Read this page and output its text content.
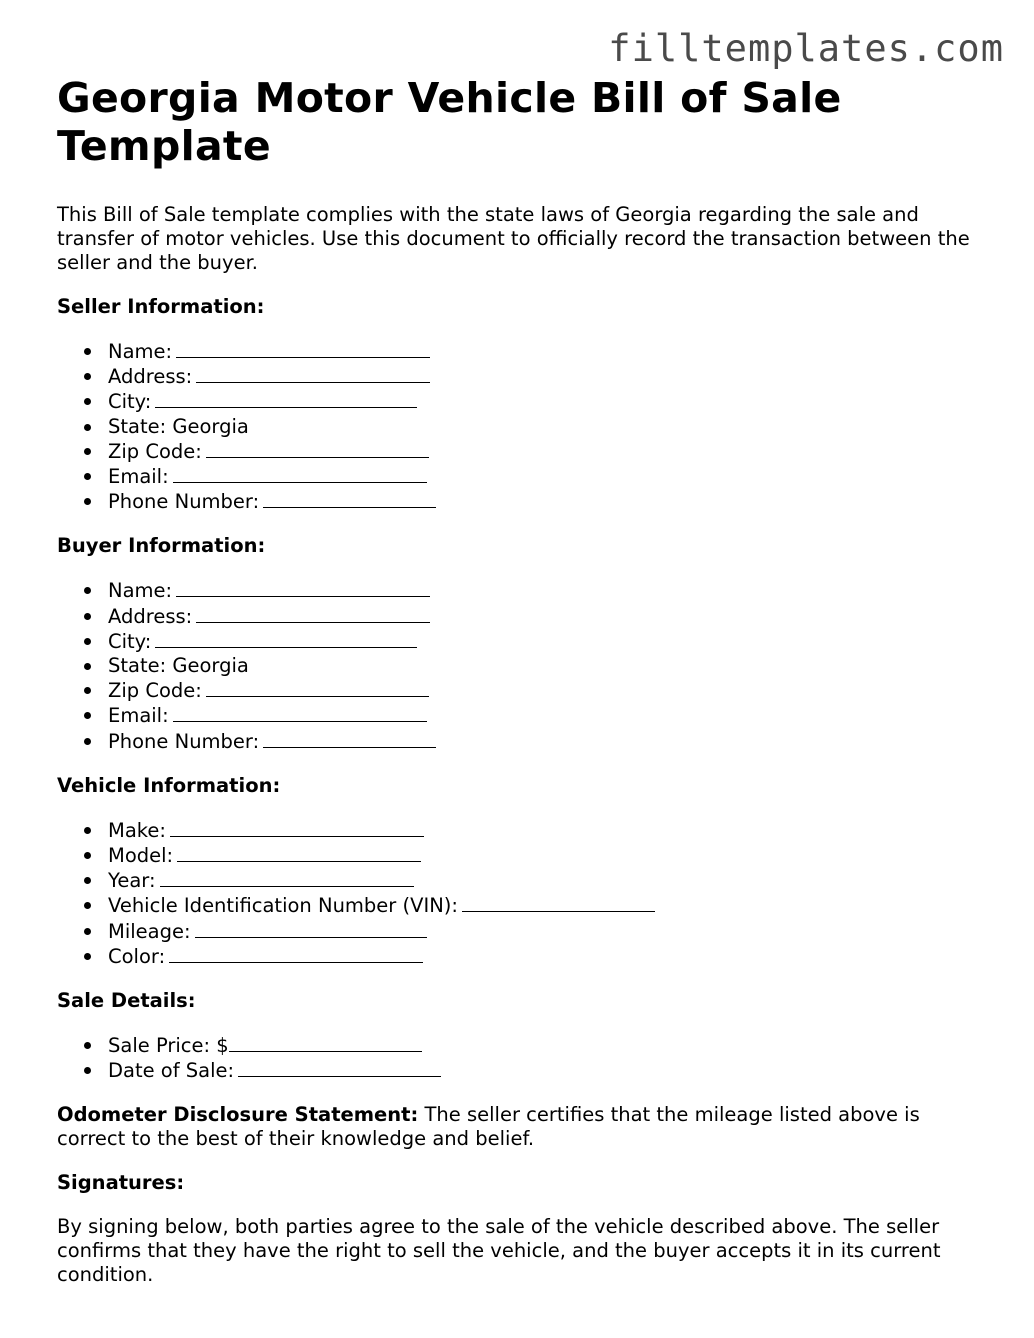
filltemplates.com
Georgia Motor Vehicle Bill of Sale Template

This Bill of Sale template complies with the state laws of Georgia regarding the sale and transfer of motor vehicles. Use this document to officially record the transaction between the seller and the buyer.

Seller Information:
Name:
Address:
City:
State: Georgia
Zip Code:
Email:
Phone Number:
Buyer Information:
Name:
Address:
City:
State: Georgia
Zip Code:
Email:
Phone Number:
Vehicle Information:
Make:
Model:
Year:
Vehicle Identification Number (VIN):
Mileage:
Color:
Sale Details:
Sale Price: $
Date of Sale:

Odometer Disclosure Statement: The seller certifies that the mileage listed above is correct to the best of their knowledge and belief.

Signatures:

By signing below, both parties agree to the sale of the vehicle described above. The seller confirms that they have the right to sell the vehicle, and the buyer accepts it in its current condition.
